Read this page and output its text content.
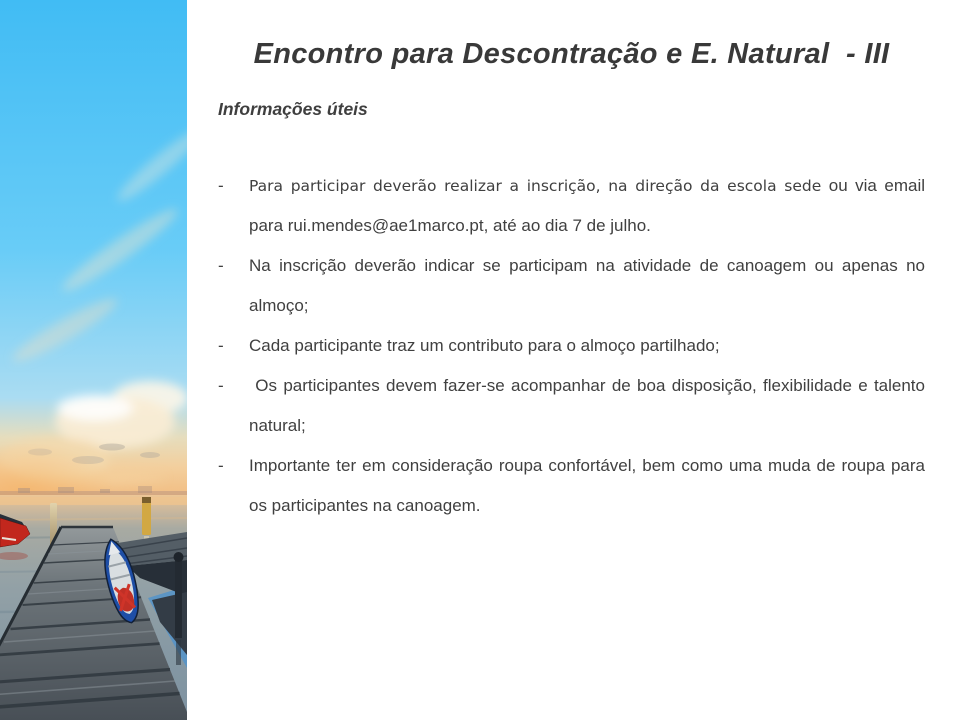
Encontro para Descontração e E. Natural  - III
Informações úteis

- Para participar deverão realizar a inscrição, na direção da escola sede ou via email para rui.mendes@ae1marco.pt, até ao dia 7 de julho.

- Na inscrição deverão indicar se participam na atividade de canoagem ou apenas no almoço;

- Cada participante traz um contributo para o almoço partilhado;

- Os participantes devem fazer-se acompanhar de boa disposição, flexibilidade e talento natural;

- Importante ter em consideração roupa confortável, bem como uma muda de roupa para os participantes na canoagem.
